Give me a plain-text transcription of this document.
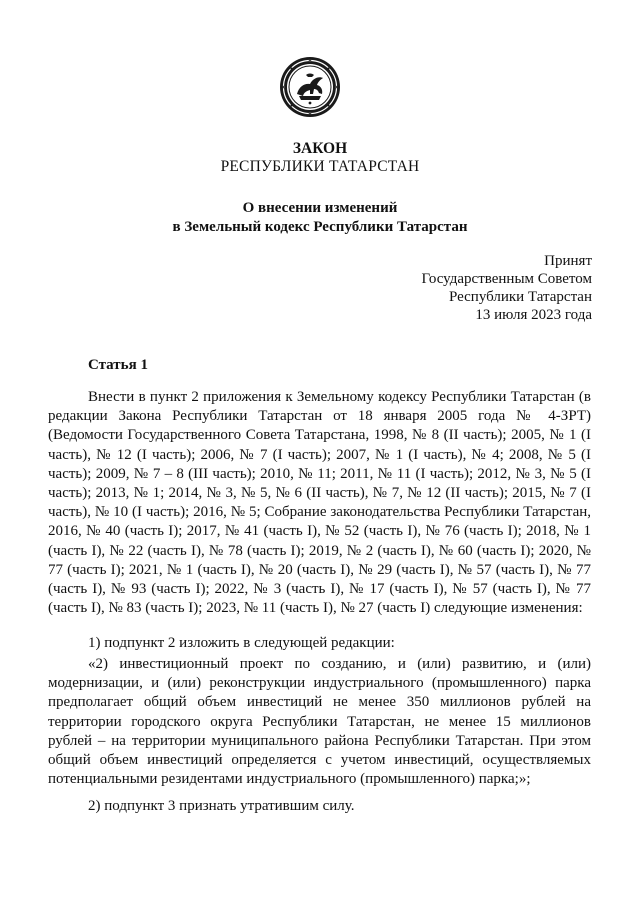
ЗАКОН
РЕСПУБЛИКИ ТАТАРСТАН
О внесении изменений
в Земельный кодекс Республики Татарстан
Принят
Государственным Советом
Республики Татарстан
13 июля 2023 года
Статья 1
Внести в пункт 2 приложения к Земельному кодексу Республики Татарстан (в редакции Закона Республики Татарстан от 18 января 2005 года № 4-ЗРТ) (Ведомости Государственного Совета Татарстана, 1998, № 8 (II часть); 2005, № 1 (I часть), № 12 (I часть); 2006, № 7 (I часть); 2007, № 1 (I часть), № 4; 2008, № 5 (I часть); 2009, № 7 – 8 (III часть); 2010, № 11; 2011, № 11 (I часть); 2012, № 3, № 5 (I часть); 2013, № 1; 2014, № 3, № 5, № 6 (II часть), № 7, № 12 (II часть); 2015, № 7 (I часть), № 10 (I часть); 2016, № 5; Собрание законодательства Республики Татарстан, 2016, № 40 (часть I); 2017, № 41 (часть I), № 52 (часть I), № 76 (часть I); 2018, № 1 (часть I), № 22 (часть I), № 78 (часть I); 2019, № 2 (часть I), № 60 (часть I); 2020, № 77 (часть I); 2021, № 1 (часть I), № 20 (часть I), № 29 (часть I), № 57 (часть I), № 77 (часть I), № 93 (часть I); 2022, № 3 (часть I), № 17 (часть I), № 57 (часть I), № 77 (часть I), № 83 (часть I); 2023, № 11 (часть I), № 27 (часть I) следующие изменения:
1) подпункт 2 изложить в следующей редакции:
«2) инвестиционный проект по созданию, и (или) развитию, и (или) модернизации, и (или) реконструкции индустриального (промышленного) парка предполагает общий объем инвестиций не менее 350 миллионов рублей на территории городского округа Республики Татарстан, не менее 15 миллионов рублей – на территории муниципального района Республики Татарстан. При этом общий объем инвестиций определяется с учетом инвестиций, осуществляемых потенциальными резидентами индустриального (промышленного) парка;»;
2) подпункт 3 признать утратившим силу.
